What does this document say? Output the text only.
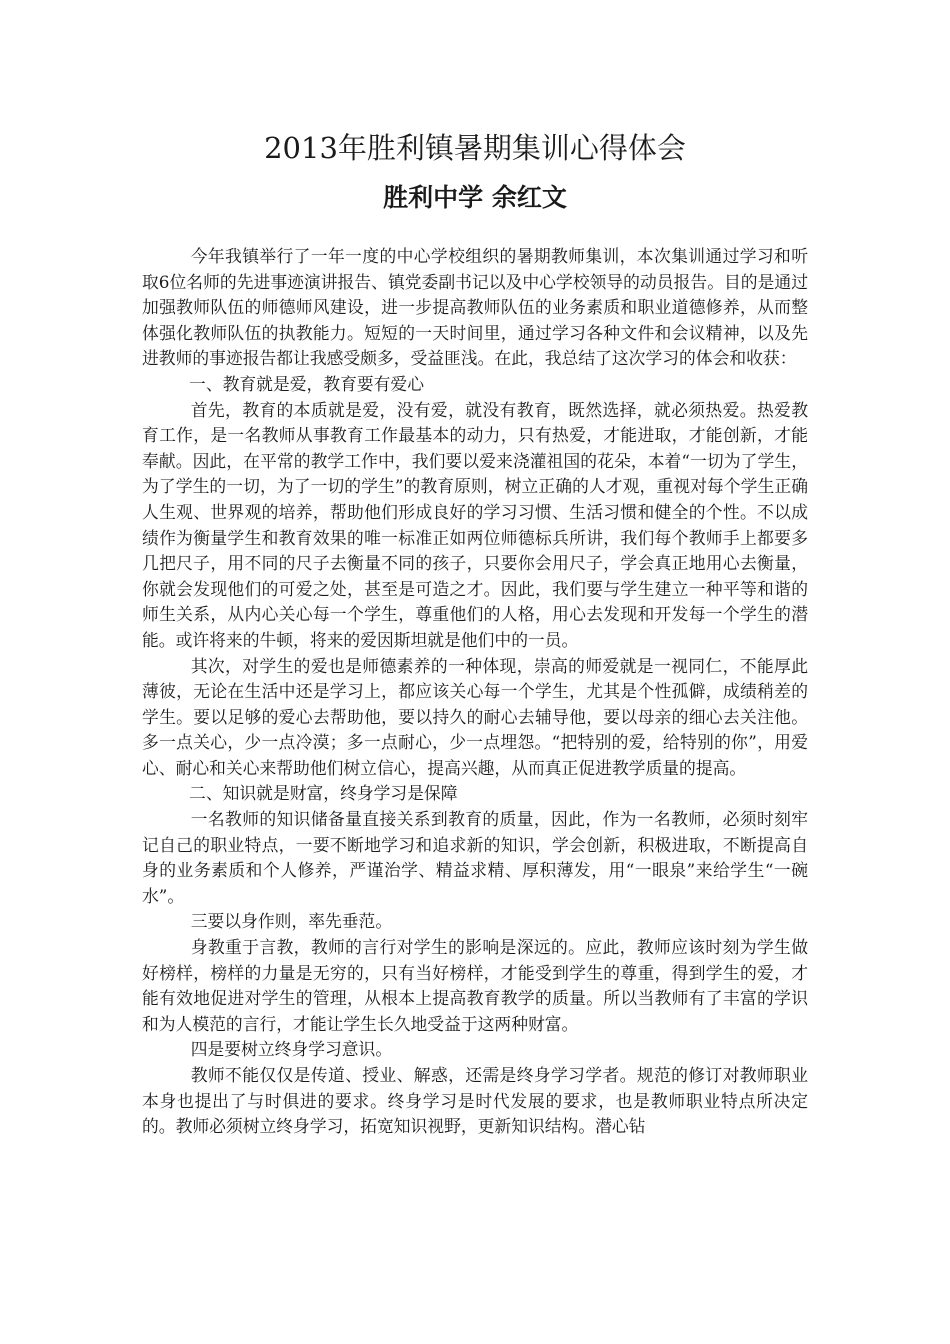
2013年胜利镇暑期集训心得体会
胜利中学 余红文

今年我镇举行了一年一度的中心学校组织的暑期教师集训，本次集训通过学习和听取6位名师的先进事迹演讲报告、镇党委副书记以及中心学校领导的动员报告。目的是通过加强教师队伍的师德师风建设，进一步提高教师队伍的业务素质和职业道德修养，从而整体强化教师队伍的执教能力。短短的一天时间里，通过学习各种文件和会议精神，以及先进教师的事迹报告都让我感受颇多，受益匪浅。在此，我总结了这次学习的体会和收获：

一、教育就是爱，教育要有爱心

首先，教育的本质就是爱，没有爱，就没有教育，既然选择，就必须热爱。热爱教育工作，是一名教师从事教育工作最基本的动力，只有热爱，才能进取，才能创新，才能奉献。因此，在平常的教学工作中，我们要以爱来浇灌祖国的花朵，本着“一切为了学生，为了学生的一切，为了一切的学生”的教育原则，树立正确的人才观，重视对每个学生正确人生观、世界观的培养，帮助他们形成良好的学习习惯、生活习惯和健全的个性。不以成绩作为衡量学生和教育效果的唯一标准正如两位师德标兵所讲，我们每个教师手上都要多几把尺子，用不同的尺子去衡量不同的孩子，只要你会用尺子，学会真正地用心去衡量，你就会发现他们的可爱之处，甚至是可造之才。因此，我们要与学生建立一种平等和谐的师生关系，从内心关心每一个学生，尊重他们的人格，用心去发现和开发每一个学生的潜能。或许将来的牛顿，将来的爱因斯坦就是他们中的一员。

其次，对学生的爱也是师德素养的一种体现，崇高的师爱就是一视同仁，不能厚此薄彼，无论在生活中还是学习上，都应该关心每一个学生，尤其是个性孤僻，成绩稍差的学生。要以足够的爱心去帮助他，要以持久的耐心去辅导他，要以母亲的细心去关注他。多一点关心，少一点冷漠；多一点耐心，少一点埋怨。“把特别的爱，给特别的你”，用爱心、耐心和关心来帮助他们树立信心，提高兴趣，从而真正促进教学质量的提高。

二、知识就是财富，终身学习是保障

一名教师的知识储备量直接关系到教育的质量，因此，作为一名教师，必须时刻牢记自己的职业特点，一要不断地学习和追求新的知识，学会创新，积极进取，不断提高自身的业务素质和个人修养，严谨治学、精益求精、厚积薄发，用“一眼泉”来给学生“一碗水”。

三要以身作则，率先垂范。

身教重于言教，教师的言行对学生的影响是深远的。应此，教师应该时刻为学生做好榜样，榜样的力量是无穷的，只有当好榜样，才能受到学生的尊重，得到学生的爱，才能有效地促进对学生的管理，从根本上提高教育教学的质量。所以当教师有了丰富的学识和为人模范的言行，才能让学生长久地受益于这两种财富。

四是要树立终身学习意识。

教师不能仅仅是传道、授业、解惑，还需是终身学习学者。规范的修订对教师职业本身也提出了与时俱进的要求。终身学习是时代发展的要求，也是教师职业特点所决定的。教师必须树立终身学习，拓宽知识视野，更新知识结构。潜心钻
